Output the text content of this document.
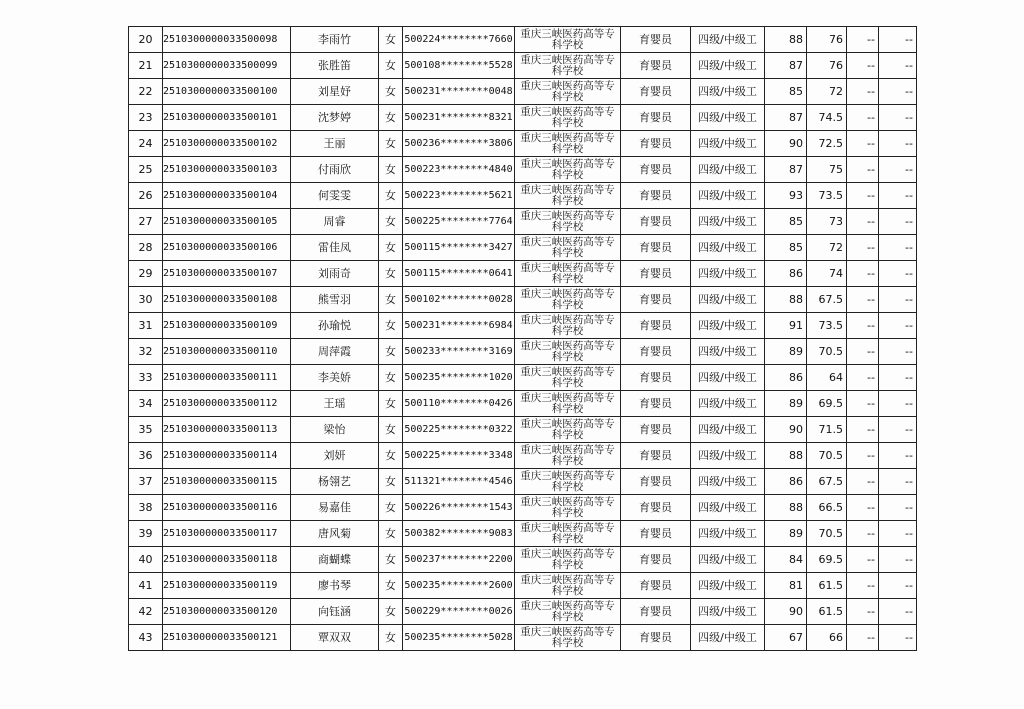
20	2510300000033500098	李雨竹	女	500224********7660	重庆三峡医药高等专
科学校	育婴员	四级/中级工	88	76	--	--
21	2510300000033500099	张胜笛	女	500108********5528	重庆三峡医药高等专
科学校	育婴员	四级/中级工	87	76	--	--
22	2510300000033500100	刘星妤	女	500231********0048	重庆三峡医药高等专
科学校	育婴员	四级/中级工	85	72	--	--
23	2510300000033500101	沈梦婷	女	500231********8321	重庆三峡医药高等专
科学校	育婴员	四级/中级工	87	74.5	--	--
24	2510300000033500102	王丽	女	500236********3806	重庆三峡医药高等专
科学校	育婴员	四级/中级工	90	72.5	--	--
25	2510300000033500103	付雨欣	女	500223********4840	重庆三峡医药高等专
科学校	育婴员	四级/中级工	87	75	--	--
26	2510300000033500104	何雯雯	女	500223********5621	重庆三峡医药高等专
科学校	育婴员	四级/中级工	93	73.5	--	--
27	2510300000033500105	周睿	女	500225********7764	重庆三峡医药高等专
科学校	育婴员	四级/中级工	85	73	--	--
28	2510300000033500106	雷佳凤	女	500115********3427	重庆三峡医药高等专
科学校	育婴员	四级/中级工	85	72	--	--
29	2510300000033500107	刘雨奇	女	500115********0641	重庆三峡医药高等专
科学校	育婴员	四级/中级工	86	74	--	--
30	2510300000033500108	熊雪羽	女	500102********0028	重庆三峡医药高等专
科学校	育婴员	四级/中级工	88	67.5	--	--
31	2510300000033500109	孙瑜悦	女	500231********6984	重庆三峡医药高等专
科学校	育婴员	四级/中级工	91	73.5	--	--
32	2510300000033500110	周萍霞	女	500233********3169	重庆三峡医药高等专
科学校	育婴员	四级/中级工	89	70.5	--	--
33	2510300000033500111	李美娇	女	500235********1020	重庆三峡医药高等专
科学校	育婴员	四级/中级工	86	64	--	--
34	2510300000033500112	王瑶	女	500110********0426	重庆三峡医药高等专
科学校	育婴员	四级/中级工	89	69.5	--	--
35	2510300000033500113	梁怡	女	500225********0322	重庆三峡医药高等专
科学校	育婴员	四级/中级工	90	71.5	--	--
36	2510300000033500114	刘妍	女	500225********3348	重庆三峡医药高等专
科学校	育婴员	四级/中级工	88	70.5	--	--
37	2510300000033500115	杨翎艺	女	511321********4546	重庆三峡医药高等专
科学校	育婴员	四级/中级工	86	67.5	--	--
38	2510300000033500116	易嘉佳	女	500226********1543	重庆三峡医药高等专
科学校	育婴员	四级/中级工	88	66.5	--	--
39	2510300000033500117	唐风菊	女	500382********9083	重庆三峡医药高等专
科学校	育婴员	四级/中级工	89	70.5	--	--
40	2510300000033500118	商蝴蝶	女	500237********2200	重庆三峡医药高等专
科学校	育婴员	四级/中级工	84	69.5	--	--
41	2510300000033500119	廖书琴	女	500235********2600	重庆三峡医药高等专
科学校	育婴员	四级/中级工	81	61.5	--	--
42	2510300000033500120	向钰涵	女	500229********0026	重庆三峡医药高等专
科学校	育婴员	四级/中级工	90	61.5	--	--
43	2510300000033500121	覃双双	女	500235********5028	重庆三峡医药高等专
科学校	育婴员	四级/中级工	67	66	--	--
